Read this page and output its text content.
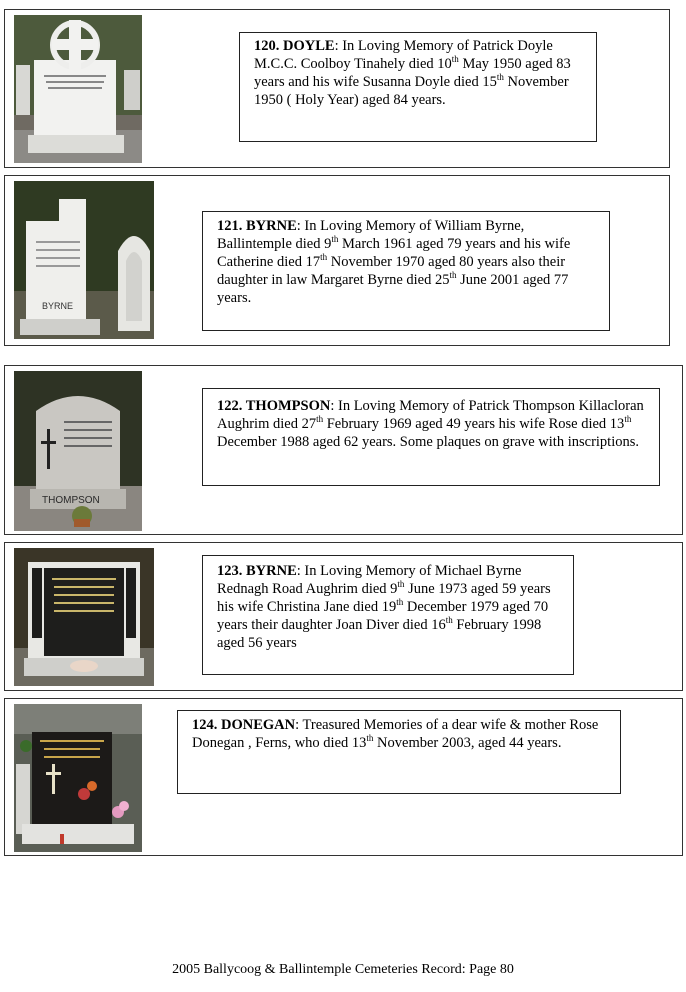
120. DOYLE: In Loving Memory of Patrick Doyle M.C.C. Coolboy Tinahely died 10th May 1950 aged 83 years and his wife Susanna Doyle died 15th November 1950 ( Holy Year) aged 84 years.
BYRNE
121. BYRNE: In Loving Memory of William Byrne, Ballintemple died 9th March 1961 aged 79 years and his wife Catherine died 17th November 1970 aged 80 years also their daughter in law Margaret Byrne died 25th June 2001 aged 77 years.
THOMPSON
122. THOMPSON: In Loving Memory of Patrick Thompson Killacloran Aughrim died 27th February 1969 aged 49 years his wife Rose died 13th December 1988 aged 62 years. Some plaques on grave with inscriptions.
123. BYRNE: In Loving Memory of Michael Byrne Rednagh Road Aughrim died 9th June 1973 aged 59 years his wife Christina Jane died 19th December 1979 aged 70 years their daughter Joan Diver died 16th February 1998 aged 56 years
124. DONEGAN: Treasured Memories of a dear wife & mother Rose Donegan , Ferns, who died 13th November 2003, aged 44 years.
2005 Ballycoog & Ballintemple Cemeteries Record: Page 80
